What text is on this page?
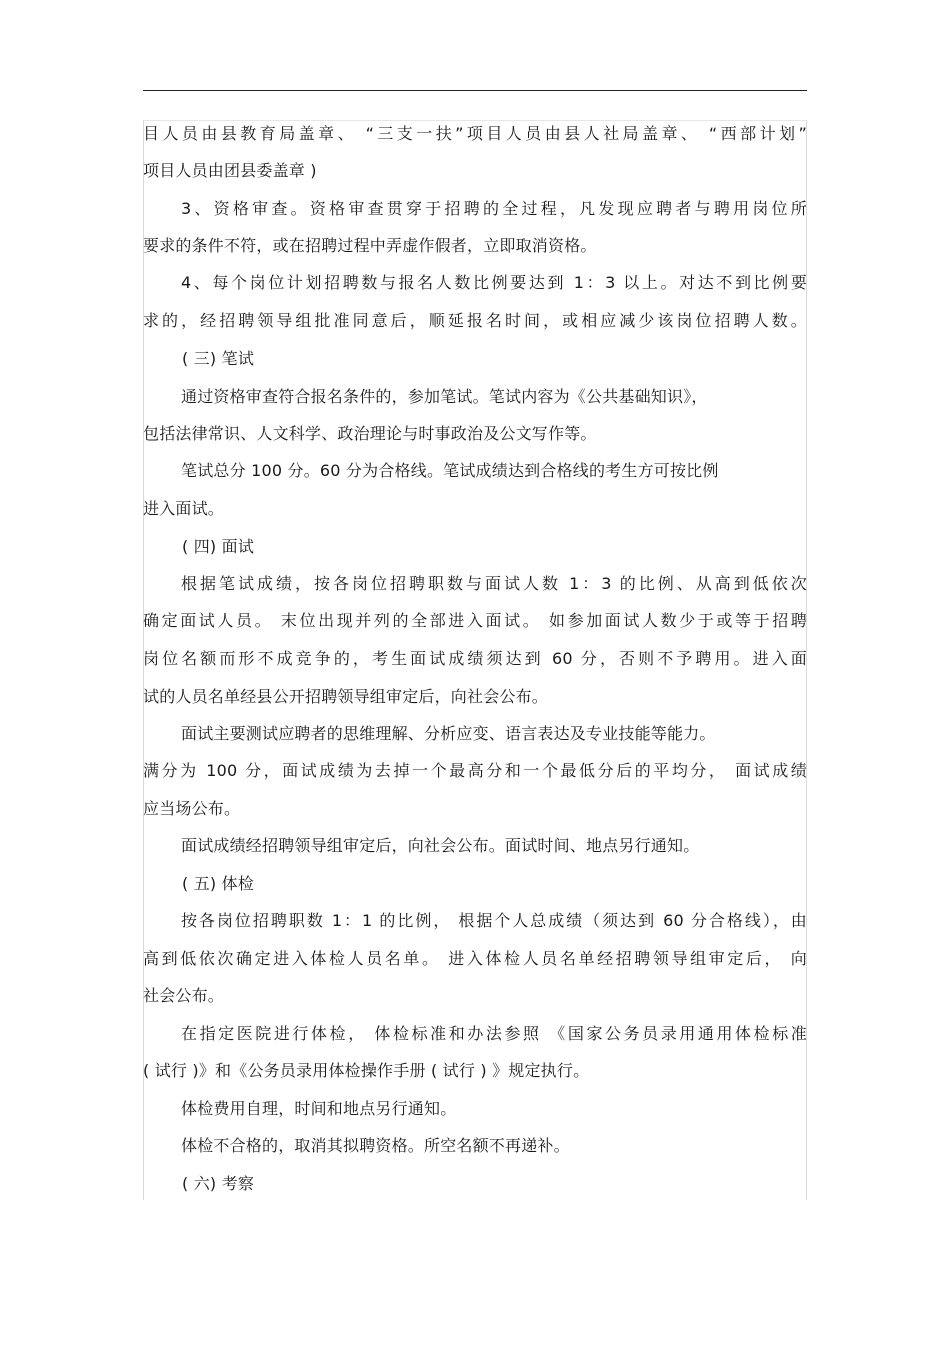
目人员由县教育局盖章、 “三支一扶”项目人员由县人社局盖章、 “西部计划”
项目人员由团县委盖章 )
3、资格审查。资格审查贯穿于招聘的全过程，凡发现应聘者与聘用岗位所
要求的条件不符，或在招聘过程中弄虚作假者，立即取消资格。
4、每个岗位计划招聘数与报名人数比例要达到 1：3 以上。对达不到比例要
求的，经招聘领导组批准同意后，顺延报名时间，或相应减少该岗位招聘人数。
( 三) 笔试
通过资格审查符合报名条件的，参加笔试。笔试内容为《公共基础知识》，
包括法律常识、人文科学、政治理论与时事政治及公文写作等。
笔试总分 100 分。60 分为合格线。笔试成绩达到合格线的考生方可按比例
进入面试。
( 四) 面试
根据笔试成绩，按各岗位招聘职数与面试人数 1：3 的比例、从高到低依次
确定面试人员。 末位出现并列的全部进入面试。 如参加面试人数少于或等于招聘
岗位名额而形不成竞争的，考生面试成绩须达到 60 分，否则不予聘用。进入面
试的人员名单经县公开招聘领导组审定后，向社会公布。
面试主要测试应聘者的思维理解、分析应变、语言表达及专业技能等能力。
满分为 100 分，面试成绩为去掉一个最高分和一个最低分后的平均分， 面试成绩
应当场公布。
面试成绩经招聘领导组审定后，向社会公布。面试时间、地点另行通知。
( 五) 体检
按各岗位招聘职数 1：1 的比例， 根据个人总成绩（须达到 60 分合格线），由
高到低依次确定进入体检人员名单。 进入体检人员名单经招聘领导组审定后， 向
社会公布。
在指定医院进行体检， 体检标准和办法参照 《国家公务员录用通用体检标准
( 试行 )》和《公务员录用体检操作手册 ( 试行 ) 》规定执行。
体检费用自理，时间和地点另行通知。
体检不合格的，取消其拟聘资格。所空名额不再递补。
( 六) 考察
